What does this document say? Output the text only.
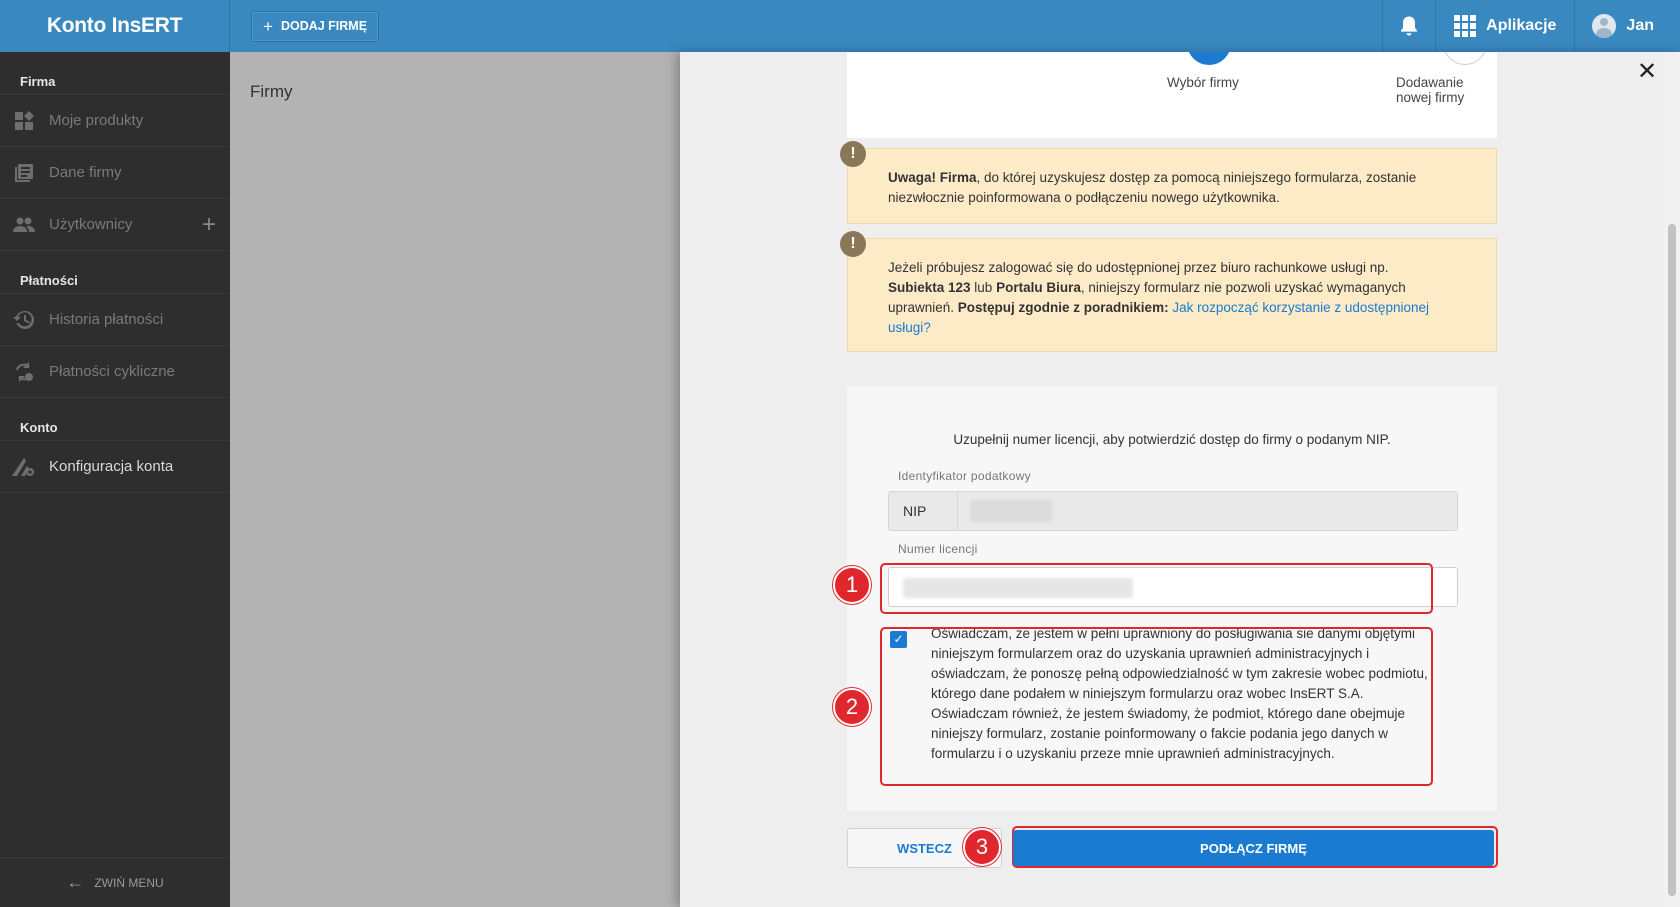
Konto InsERT	+ DODAJ FIRMĘ	Aplikacje	Jan
Firma
Moje produkty
Dane firmy
Użytkownicy	+
Płatności
Historia płatności
Płatności cykliczne
Konto
Konfiguracja konta
← ZWIŃ MENU
Firmy
✕
Wybór firmy	Dodawanie nowej firmy
!
Uwaga! Firma, do której uzyskujesz dostęp za pomocą niniejszego formularza, zostanie niezwłocznie poinformowana o podłączeniu nowego użytkownika.
!
Jeżeli próbujesz zalogować się do udostępnionej przez biuro rachunkowe usługi np. Subiekta 123 lub Portalu Biura, niniejszy formularz nie pozwoli uzyskać wymaganych uprawnień. Postępuj zgodnie z poradnikiem: Jak rozpocząć korzystanie z udostępnionej usługi?
Uzupełnij numer licencji, aby potwierdzić dostęp do firmy o podanym NIP.
Identyfikator podatkowy
NIP
Numer licencji
✓ Oświadczam, że jestem w pełni uprawniony do posługiwania sie danymi objętymi niniejszym formularzem oraz do uzyskania uprawnień administracyjnych i oświadczam, że ponoszę pełną odpowiedzialność w tym zakresie wobec podmiotu, którego dane podałem w niniejszym formularzu oraz wobec InsERT S.A. Oświadczam również, że jestem świadomy, że podmiot, którego dane obejmuje niniejszy formularz, zostanie poinformowany o fakcie podania jego danych w formularzu i o uzyskaniu przeze mnie uprawnień administracyjnych.
1
2
WSTECZ	PODŁĄCZ FIRMĘ
3
